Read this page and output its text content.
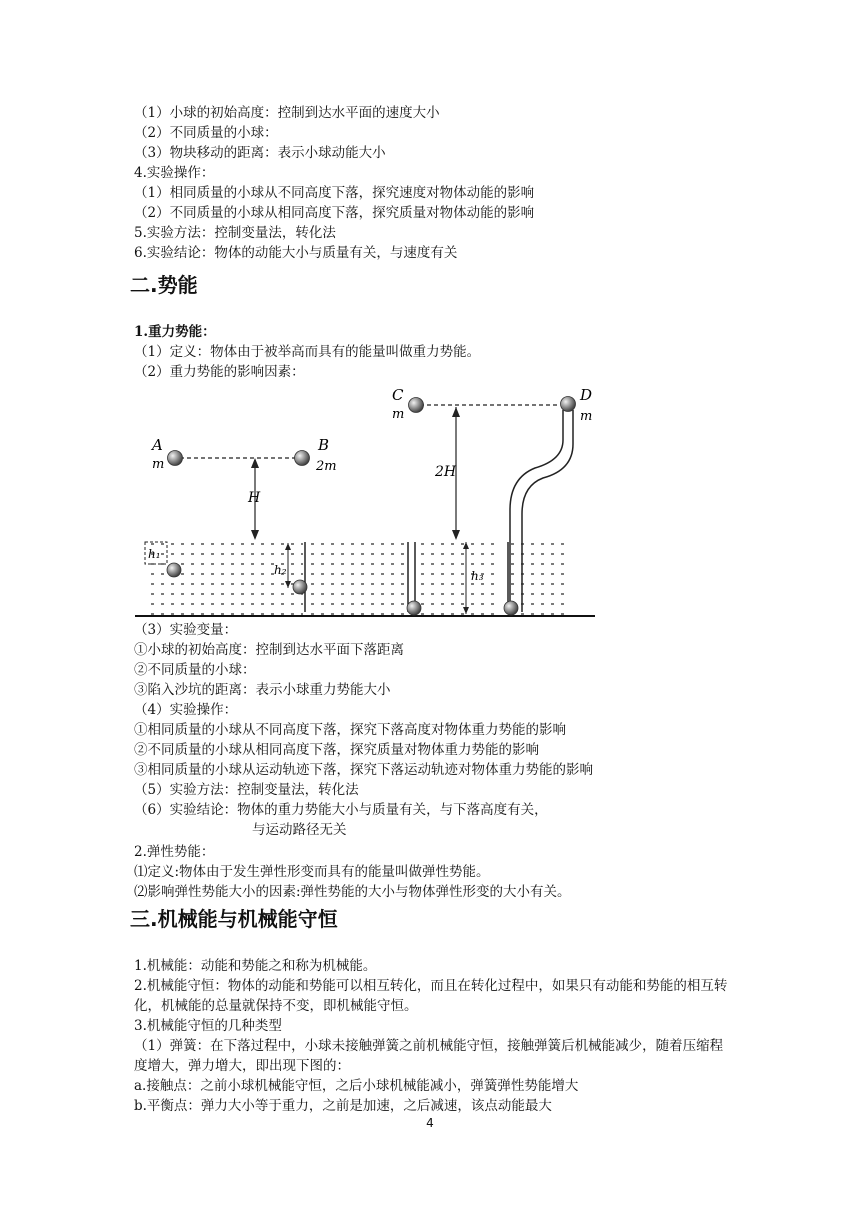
（1）小球的初始高度：控制到达水平面的速度大小
（2）不同质量的小球：
（3）物块移动的距离：表示小球动能大小
4.实验操作：
（1）相同质量的小球从不同高度下落，探究速度对物体动能的影响
（2）不同质量的小球从相同高度下落，探究质量对物体动能的影响
5.实验方法：控制变量法，转化法
6.实验结论：物体的动能大小与质量有关，与速度有关
二.势能
1.重力势能：
（1）定义：物体由于被举高而具有的能量叫做重力势能。
（2）重力势能的影响因素：
A
m
B
2m
C
m
D
m
H
2H
h₁
h₂	h₃
（3）实验变量：
①小球的初始高度：控制到达水平面下落距离
②不同质量的小球：
③陷入沙坑的距离：表示小球重力势能大小
（4）实验操作：
①相同质量的小球从不同高度下落，探究下落高度对物体重力势能的影响
②不同质量的小球从相同高度下落，探究质量对物体重力势能的影响
③相同质量的小球从运动轨迹下落，探究下落运动轨迹对物体重力势能的影响
（5）实验方法：控制变量法，转化法
（6）实验结论：物体的重力势能大小与质量有关，与下落高度有关，
与运动路径无关
2.弹性势能：
⑴定义:物体由于发生弹性形变而具有的能量叫做弹性势能。
⑵影响弹性势能大小的因素:弹性势能的大小与物体弹性形变的大小有关。
三.机械能与机械能守恒
1.机械能：动能和势能之和称为机械能。
2.机械能守恒：物体的动能和势能可以相互转化，而且在转化过程中，如果只有动能和势能的相互转化，机械能的总量就保持不变，即机械能守恒。
3.机械能守恒的几种类型
（1）弹簧：在下落过程中，小球未接触弹簧之前机械能守恒，接触弹簧后机械能减少，随着压缩程度增大，弹力增大，即出现下图的：
a.接触点：之前小球机械能守恒，之后小球机械能减小，弹簧弹性势能增大
b.平衡点：弹力大小等于重力，之前是加速，之后减速，该点动能最大
4
